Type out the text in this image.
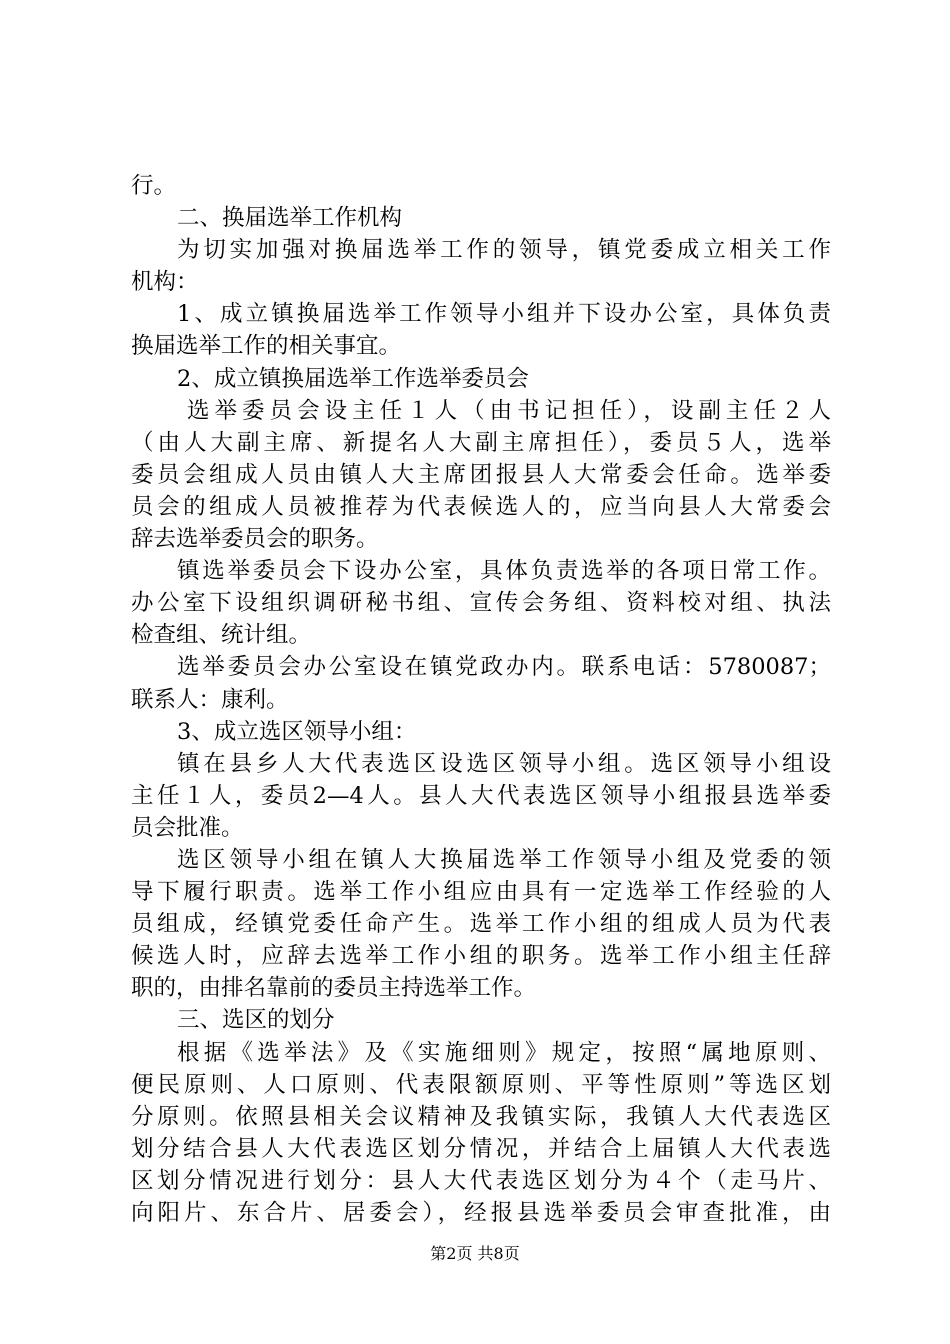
行。
二、换届选举工作机构
为切实加强对换届选举工作的领导，镇党委成立相关工作
机构：
1、成立镇换届选举工作领导小组并下设办公室，具体负责
换届选举工作的相关事宜。
2、成立镇换届选举工作选举委员会
选举委员会设主任１人（由书记担任），设副主任２人
（由人大副主席、新提名人大副主席担任），委员５人，选举
委员会组成人员由镇人大主席团报县人大常委会任命。选举委
员会的组成人员被推荐为代表候选人的，应当向县人大常委会
辞去选举委员会的职务。
镇选举委员会下设办公室，具体负责选举的各项日常工作。
办公室下设组织调研秘书组、宣传会务组、资料校对组、执法
检查组、统计组。
选举委员会办公室设在镇党政办内。联系电话：5780087；
联系人：康利。
3、成立选区领导小组：
镇在县乡人大代表选区设选区领导小组。选区领导小组设
主任１人，委员2—4人。县人大代表选区领导小组报县选举委
员会批准。
选区领导小组在镇人大换届选举工作领导小组及党委的领
导下履行职责。选举工作小组应由具有一定选举工作经验的人
员组成，经镇党委任命产生。选举工作小组的组成人员为代表
候选人时，应辞去选举工作小组的职务。选举工作小组主任辞
职的，由排名靠前的委员主持选举工作。
三、选区的划分
根据《选举法》及《实施细则》规定，按照“属地原则、
便民原则、人口原则、代表限额原则、平等性原则”等选区划
分原则。依照县相关会议精神及我镇实际，我镇人大代表选区
划分结合县人大代表选区划分情况，并结合上届镇人大代表选
区划分情况进行划分：县人大代表选区划分为４个（走马片、
向阳片、东合片、居委会），经报县选举委员会审查批准，由
第2页 共8页
